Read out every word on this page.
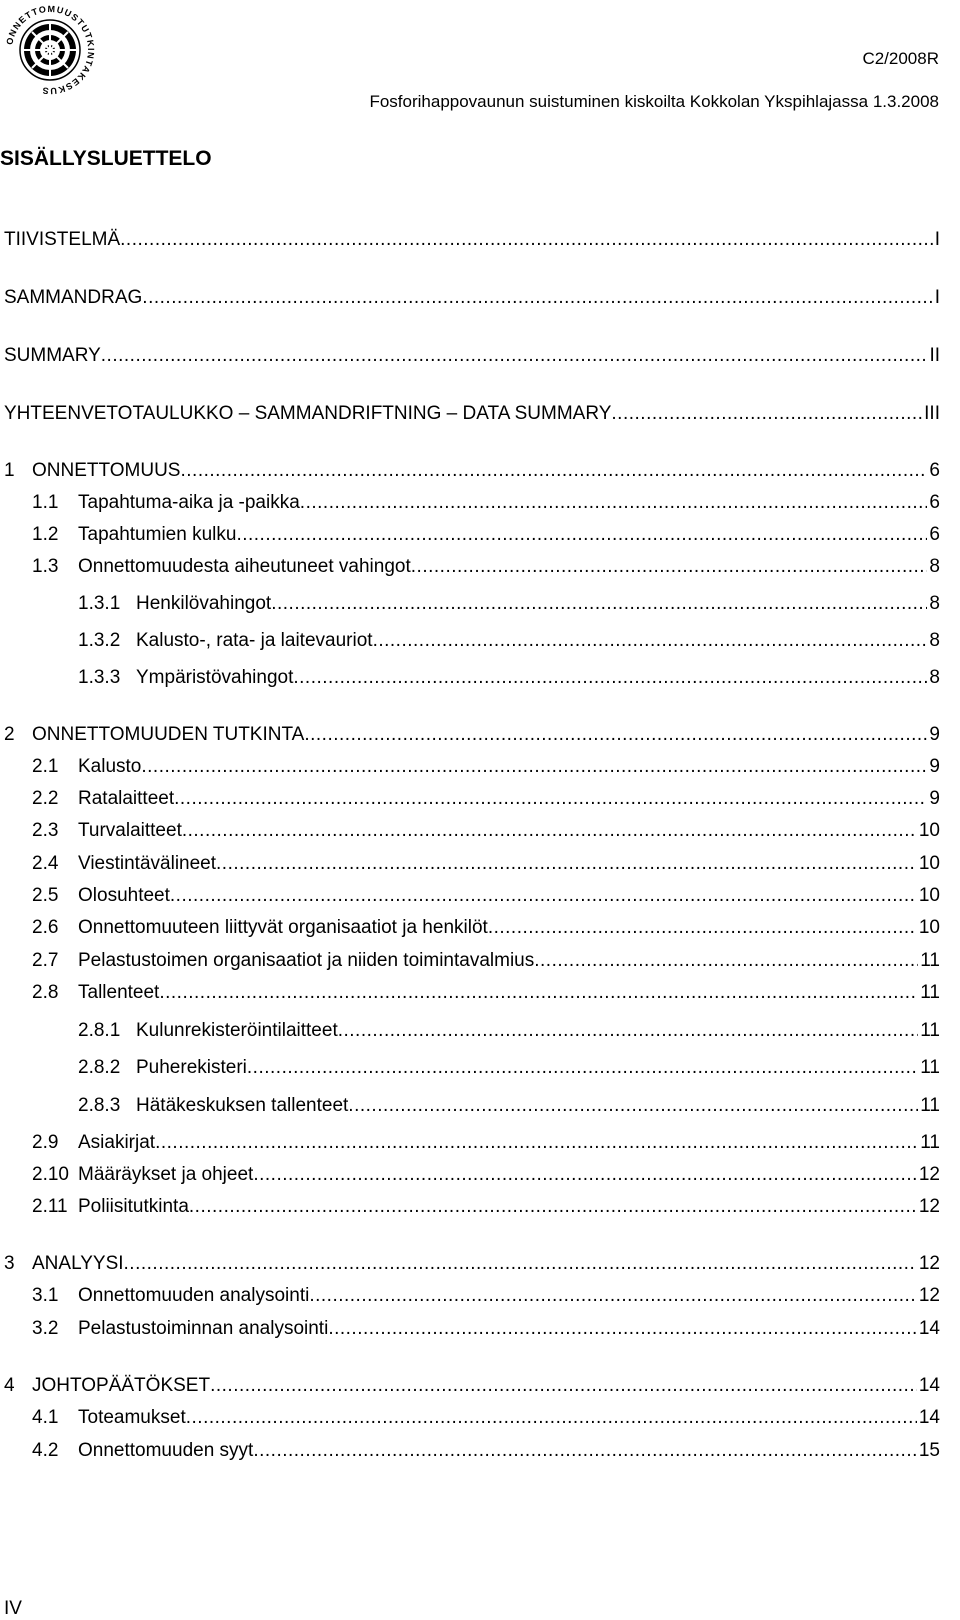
ONNETTOMUUSTUTKINTAKESKUS
C2/2008R
Fosforihappovaunun suistuminen kiskoilta Kokkolan Ykspihlajassa 1.3.2008
SISÄLLYSLUETTELO
TIIVISTELMÄ .....	I
SAMMANDRAG .....	I
SUMMARY .....	II
YHTEENVETOTAULUKKO – SAMMANDRIFTNING – DATA SUMMARY .....	III
1 ONNETTOMUUS .....	6
1.1	Tapahtuma-aika ja -paikka .....	6
1.2	Tapahtumien kulku .....	6
1.3	Onnettomuudesta aiheutuneet vahingot .....	8
1.3.1 Henkilövahingot .....	8
1.3.2 Kalusto-, rata- ja laitevauriot .....	8
1.3.3 Ympäristövahingot .....	8
2 ONNETTOMUUDEN TUTKINTA .....	9
2.1	Kalusto .....	9
2.2	Ratalaitteet .....	9
2.3	Turvalaitteet .....	10
2.4	Viestintävälineet .....	10
2.5	Olosuhteet .....	10
2.6	Onnettomuuteen liittyvät organisaatiot ja henkilöt .....	10
2.7	Pelastustoimen organisaatiot ja niiden toimintavalmius .....	11
2.8	Tallenteet .....	11
2.8.1 Kulunrekisteröintilaitteet .....	11
2.8.2 Puherekisteri .....	11
2.8.3 Hätäkeskuksen tallenteet .....	11
2.9	Asiakirjat .....	11
2.10 Määräykset ja ohjeet .....	12
2.11 Poliisitutkinta .....	12
3 ANALYYSI .....	12
3.1	Onnettomuuden analysointi .....	12
3.2	Pelastustoiminnan analysointi .....	14
4 JOHTOPÄÄTÖKSET .....	14
4.1	Toteamukset .....	14
4.2	Onnettomuuden syyt .....	15
IV
